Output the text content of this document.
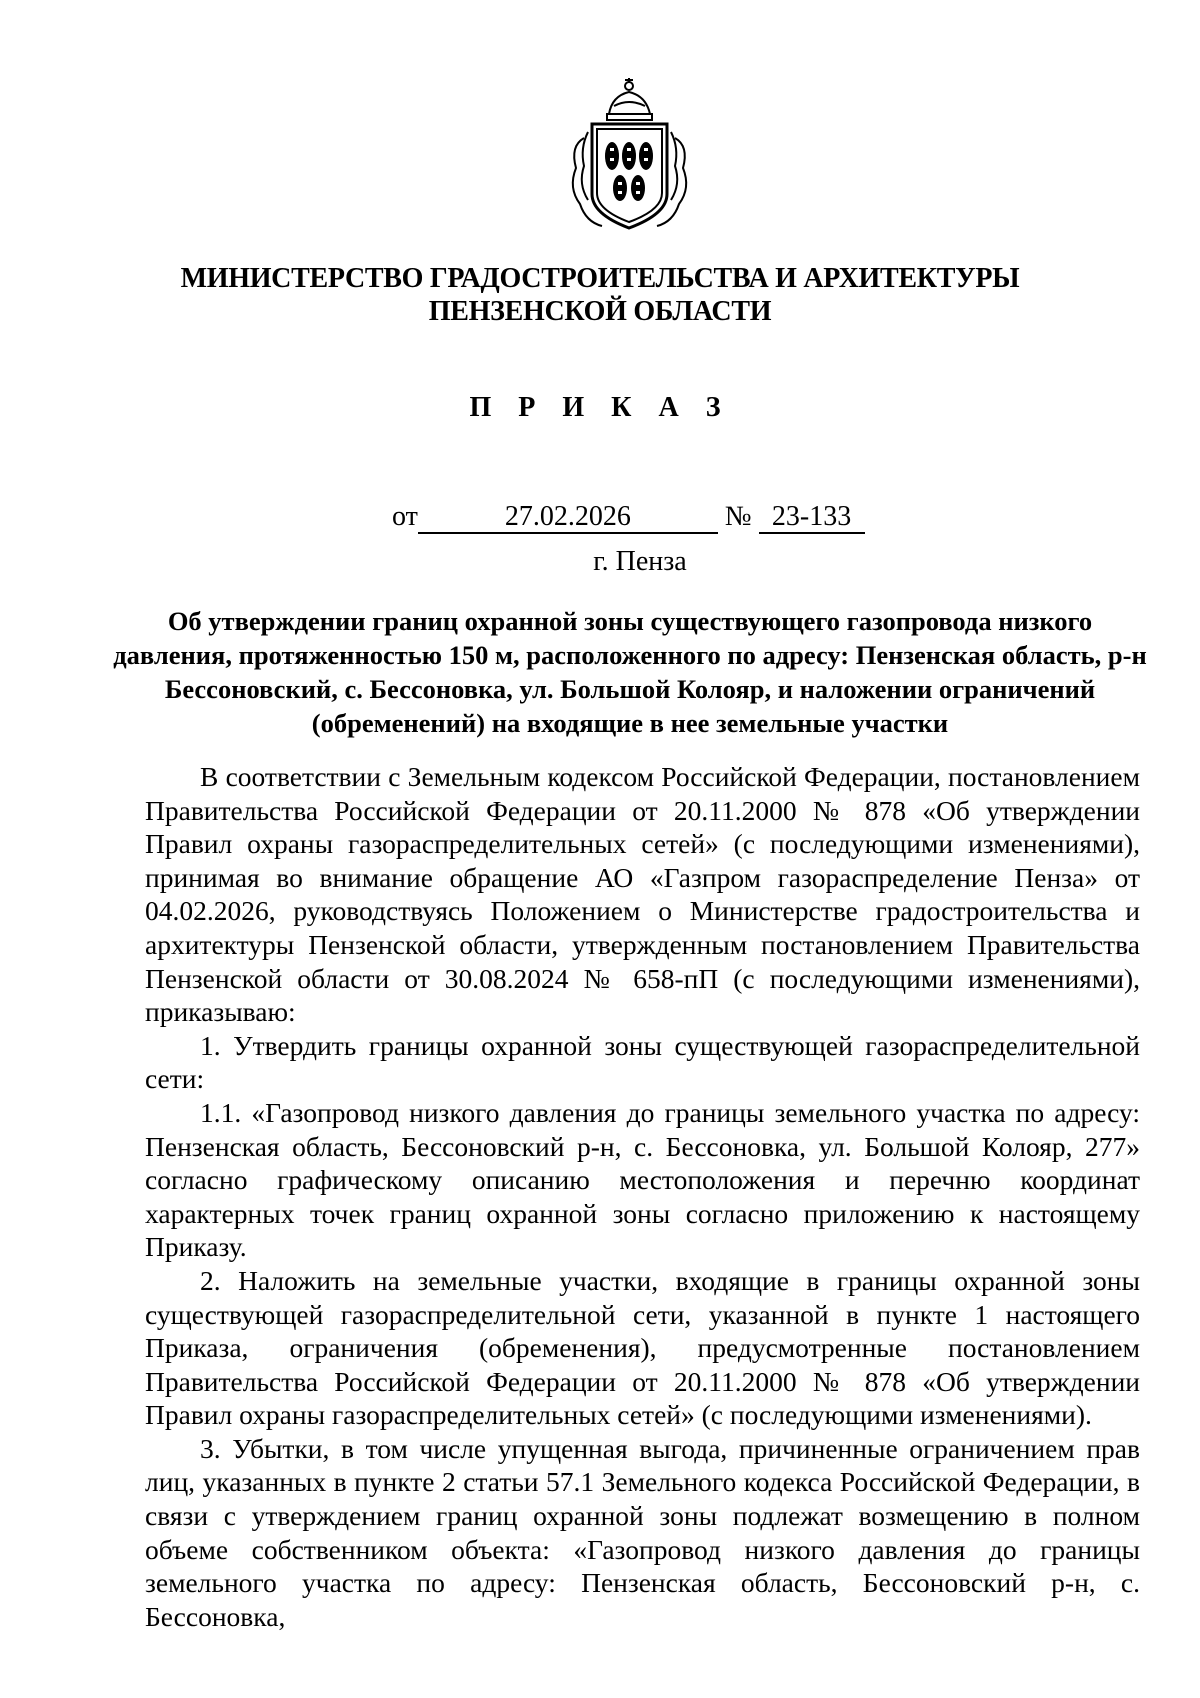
МИНИСТЕРСТВО ГРАДОСТРОИТЕЛЬСТВА И АРХИТЕКТУРЫ
ПЕНЗЕНСКОЙ ОБЛАСТИ
П Р И К А З
от	27.02.2026	№ 23-133
г. Пенза
Об утверждении границ охранной зоны существующего газопровода низкого давления, протяженностью 150 м, расположенного по адресу: Пензенская область, р-н Бессоновский, с. Бессоновка, ул. Большой Колояр, и наложении ограничений (обременений) на входящие в нее земельные участки

В соответствии с Земельным кодексом Российской Федерации, постановлением Правительства Российской Федерации от 20.11.2000 № 878 «Об утверждении Правил охраны газораспределительных сетей» (с последующими изменениями), принимая во внимание обращение АО «Газпром газораспределение Пенза» от 04.02.2026, руководствуясь Положением о Министерстве градостроительства и архитектуры Пензенской области, утвержденным постановлением Правительства Пензенской области от 30.08.2024 № 658-пП (с последующими изменениями), приказываю:

1. Утвердить границы охранной зоны существующей газораспределительной сети:

1.1. «Газопровод низкого давления до границы земельного участка по адресу: Пензенская область, Бессоновский р-н, с. Бессоновка, ул. Большой Колояр, 277» согласно графическому описанию местоположения и перечню координат характерных точек границ охранной зоны согласно приложению к настоящему Приказу.

2. Наложить на земельные участки, входящие в границы охранной зоны существующей газораспределительной сети, указанной в пункте 1 настоящего Приказа, ограничения (обременения), предусмотренные постановлением Правительства Российской Федерации от 20.11.2000 № 878 «Об утверждении Правил охраны газораспределительных сетей» (с последующими изменениями).

3. Убытки, в том числе упущенная выгода, причиненные ограничением прав лиц, указанных в пункте 2 статьи 57.1 Земельного кодекса Российской Федерации, в связи с утверждением границ охранной зоны подлежат возмещению в полном объеме собственником объекта: «Газопровод низкого давления до границы земельного участка по адресу: Пензенская область, Бессоновский р-н, с. Бессоновка,
